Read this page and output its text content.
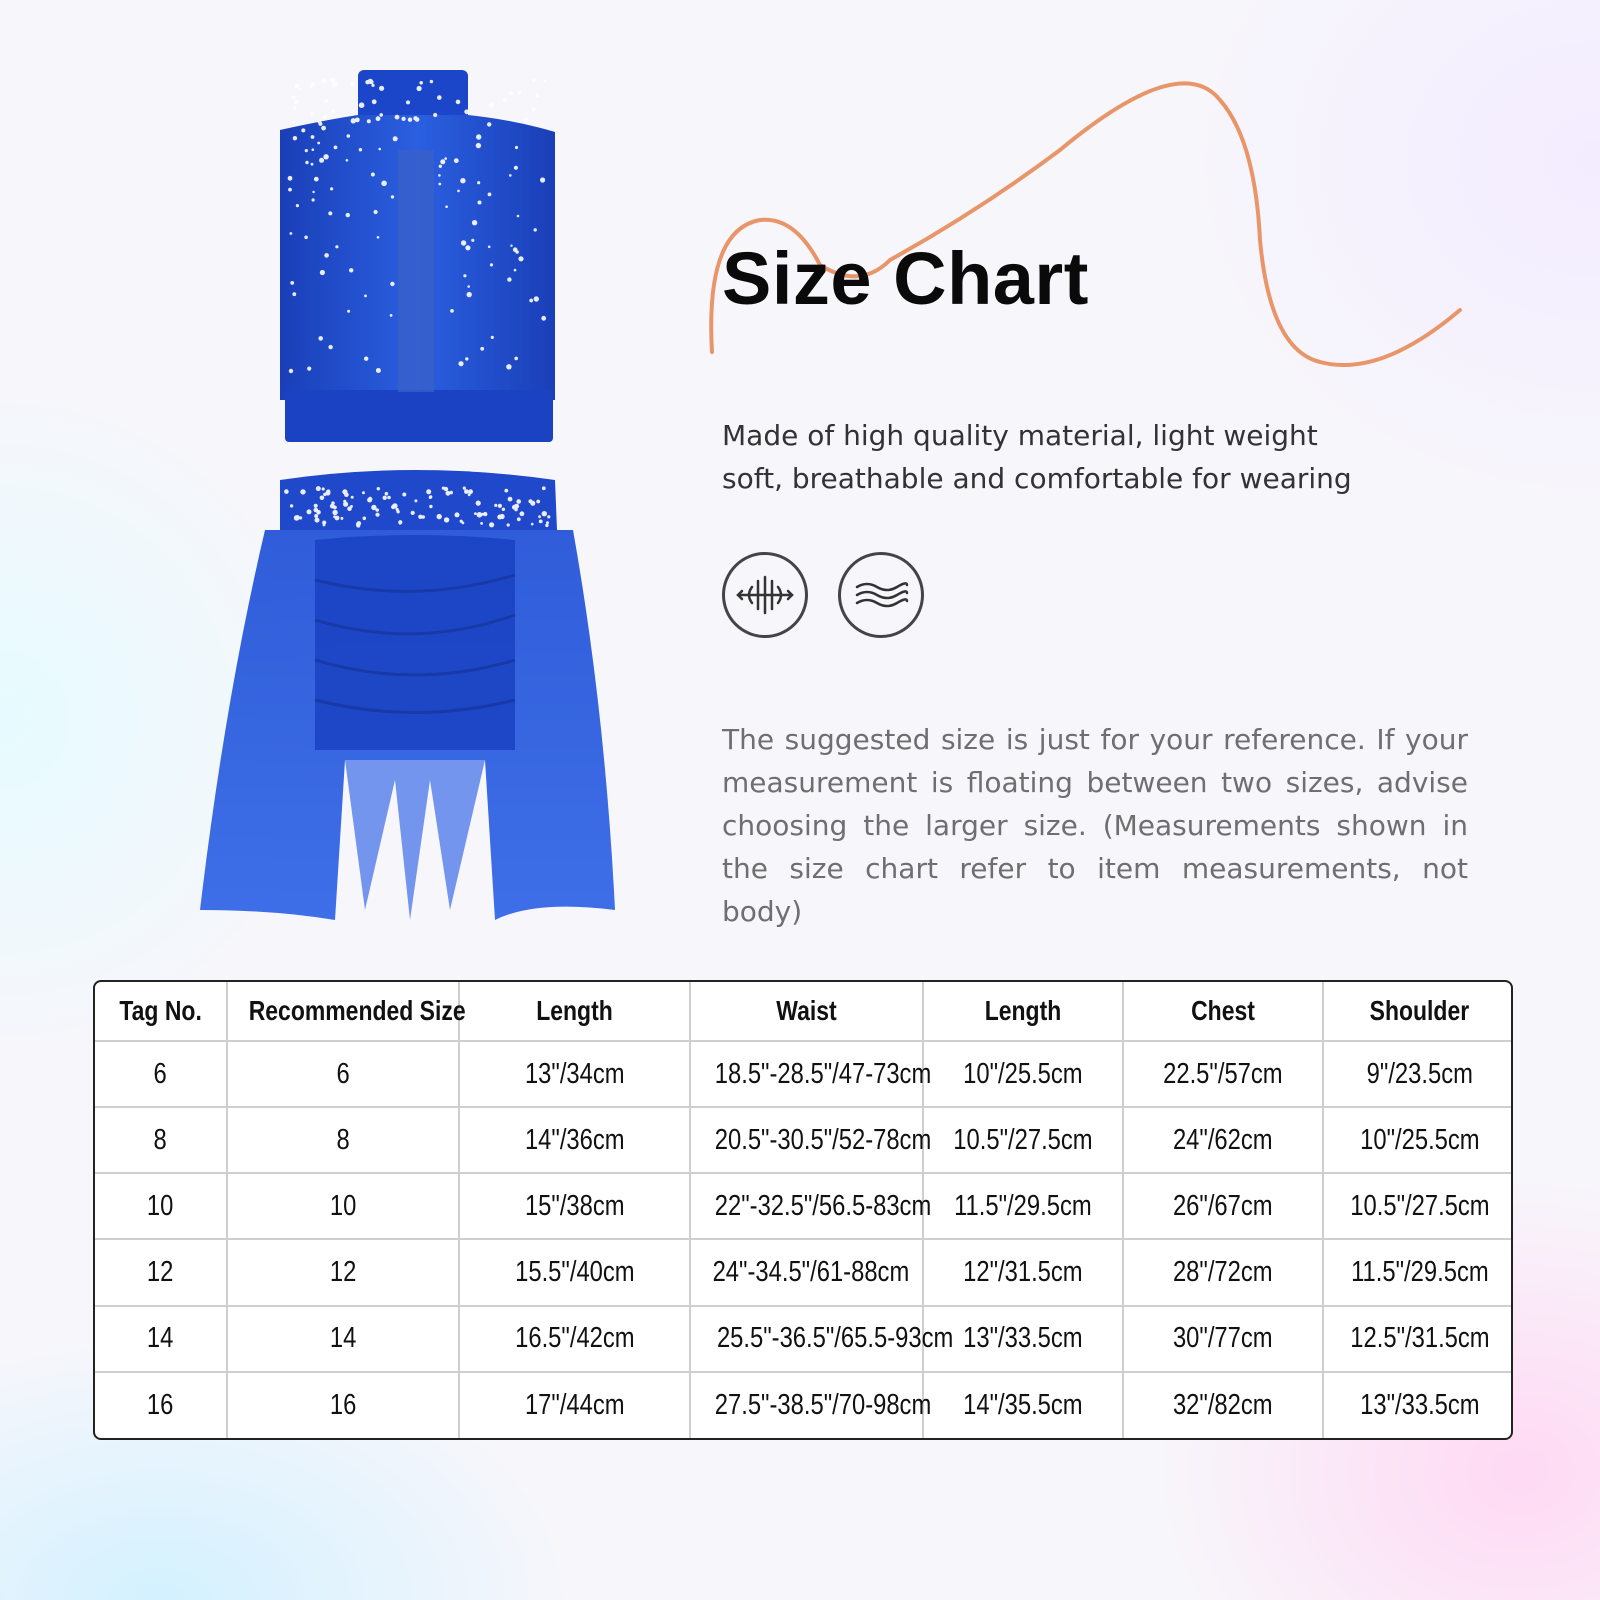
Size Chart

Made of high quality material, light weight
soft, breathable and comfortable for wearing

The suggested size is just for your reference. If your measurement is floating between two sizes, advise choosing the larger size. (Measurements shown in the size chart refer to item measurements, not body)

Tag No.	Recommended Size	Length	Waist	Length	Chest	Shoulder
6	6	13"/34cm	18.5"-28.5"/47-73cm	10"/25.5cm	22.5"/57cm	9"/23.5cm
8	8	14"/36cm	20.5"-30.5"/52-78cm	10.5"/27.5cm	24"/62cm	10"/25.5cm
10	10	15"/38cm	22"-32.5"/56.5-83cm	11.5"/29.5cm	26"/67cm	10.5"/27.5cm
12	12	15.5"/40cm	24"-34.5"/61-88cm	12"/31.5cm	28"/72cm	11.5"/29.5cm
14	14	16.5"/42cm	25.5"-36.5"/65.5-93cm	13"/33.5cm	30"/77cm	12.5"/31.5cm
16	16	17"/44cm	27.5"-38.5"/70-98cm	14"/35.5cm	32"/82cm	13"/33.5cm
